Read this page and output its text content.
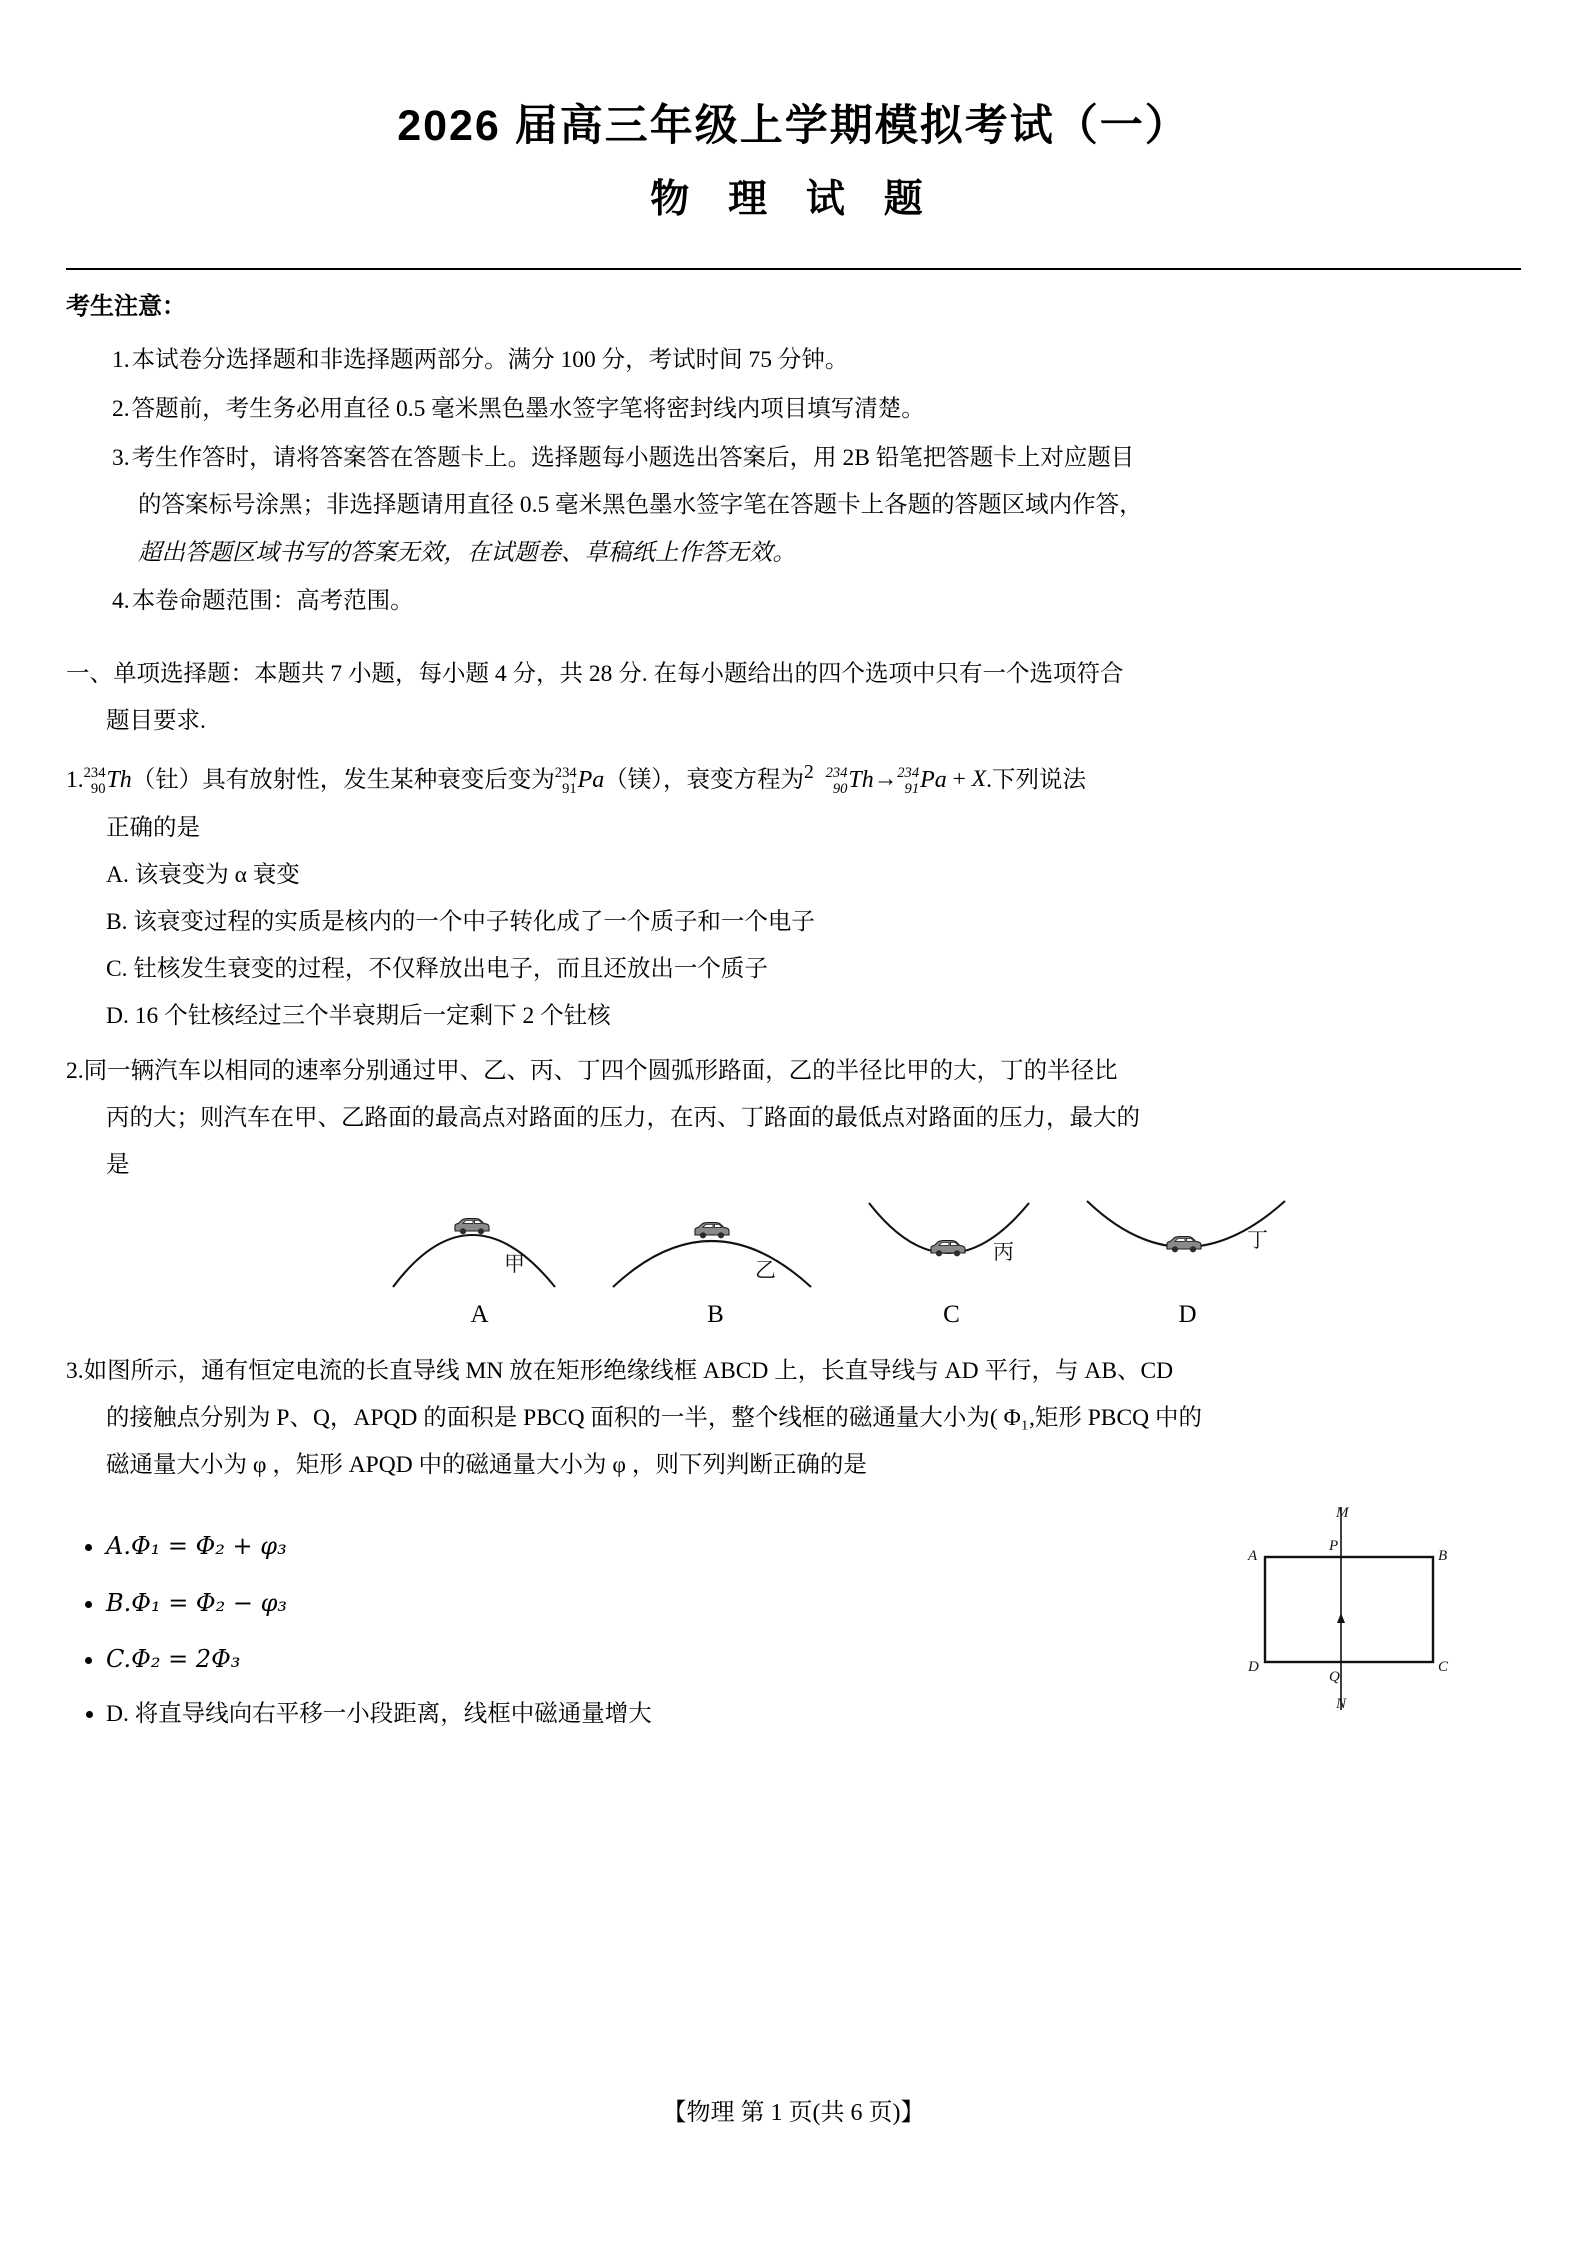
2026 届高三年级上学期模拟考试（一）
物 理 试 题
考生注意：
1.本试卷分选择题和非选择题两部分。满分 100 分，考试时间 75 分钟。
2.答题前，考生务必用直径 0.5 毫米黑色墨水签字笔将密封线内项目填写清楚。
3.考生作答时，请将答案答在答题卡上。选择题每小题选出答案后，用 2B 铅笔把答题卡上对应题目
的答案标号涂黑；非选择题请用直径 0.5 毫米黑色墨水签字笔在答题卡上各题的答题区域内作答，
超出答题区域书写的答案无效，在试题卷、草稿纸上作答无效。
4.本卷命题范围：高考范围。
一、单项选择题：本题共 7 小题，每小题 4 分，共 28 分. 在每小题给出的四个选项中只有一个选项符合
题目要求.
1. 234
90 Th（钍）具有放射性，发生某种衰变后变为 234
91 Pa（镁），衰变方程为$^2$ 234
90 Th→ 234
91 Pa + X.下列说法
正确的是
A. 该衰变为 α 衰变
B. 该衰变过程的实质是核内的一个中子转化成了一个质子和一个电子
C. 钍核发生衰变的过程，不仅释放出电子，而且还放出一个质子
D. 16 个钍核经过三个半衰期后一定剩下 2 个钍核
2.同一辆汽车以相同的速率分别通过甲、乙、丙、丁四个圆弧形路面，乙的半径比甲的大，丁的半径比
丙的大；则汽车在甲、乙路面的最高点对路面的压力，在丙、丁路面的最低点对路面的压力，最大的
是
甲
A
乙
B
丙
C
丁
D
3.如图所示，通有恒定电流的长直导线 MN 放在矩形绝缘线框 ABCD 上，长直导线与 AD 平行，与 AB、CD
的接触点分别为 P、Q，APQD 的面积是 PBCQ 面积的一半，整个线框的磁通量大小为( Φ₁,矩形 PBCQ 中的
磁通量大小为 φ ，矩形 APQD 中的磁通量大小为 φ ，则下列判断正确的是
• A.Φ₁ = Φ₂ + φ₃
• B.Φ₁ = Φ₂ − φ₃
• C.Φ₂ = 2Φ₃
• D. 将直导线向右平移一小段距离，线框中磁通量增大
M
P
A	B
D	C
Q
N
【物理 第 1 页(共 6 页)】
